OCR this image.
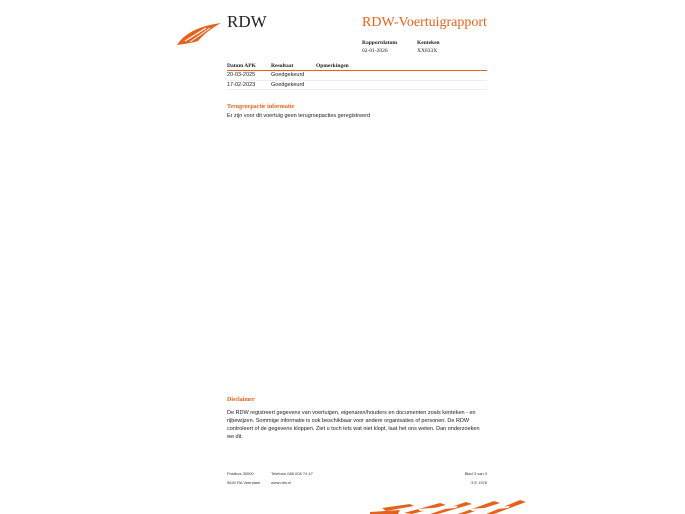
RDW	RDW-Voertuigrapport
Rapportdatum
02-01-2026
Kenteken
XX833X
Datum APK	Resultaat	Opmerkingen
20-03-2025	Goedgekeurd
17-02-2023	Goedgekeurd
Terugroepactie informatie
Er zijn voor dit voertuig geen terugroepacties geregistreerd
Disclaimer
De RDW registreert gegevens van voertuigen, eigenaren/houders en documenten zoals kenteken - en rijbewijzen. Sommige informatie is ook beschikbaar voor andere organisaties of personen. De RDW controleert of de gegevens kloppen. Ziet u toch iets wat niet klopt, laat het ons weten. Dan onderzoeken we dit.
Postbus 30000
9640 RA Veendam
Telefoon 088 008 74 47
www.rdw.nl
Blad 3 van 3
3 E 1978
